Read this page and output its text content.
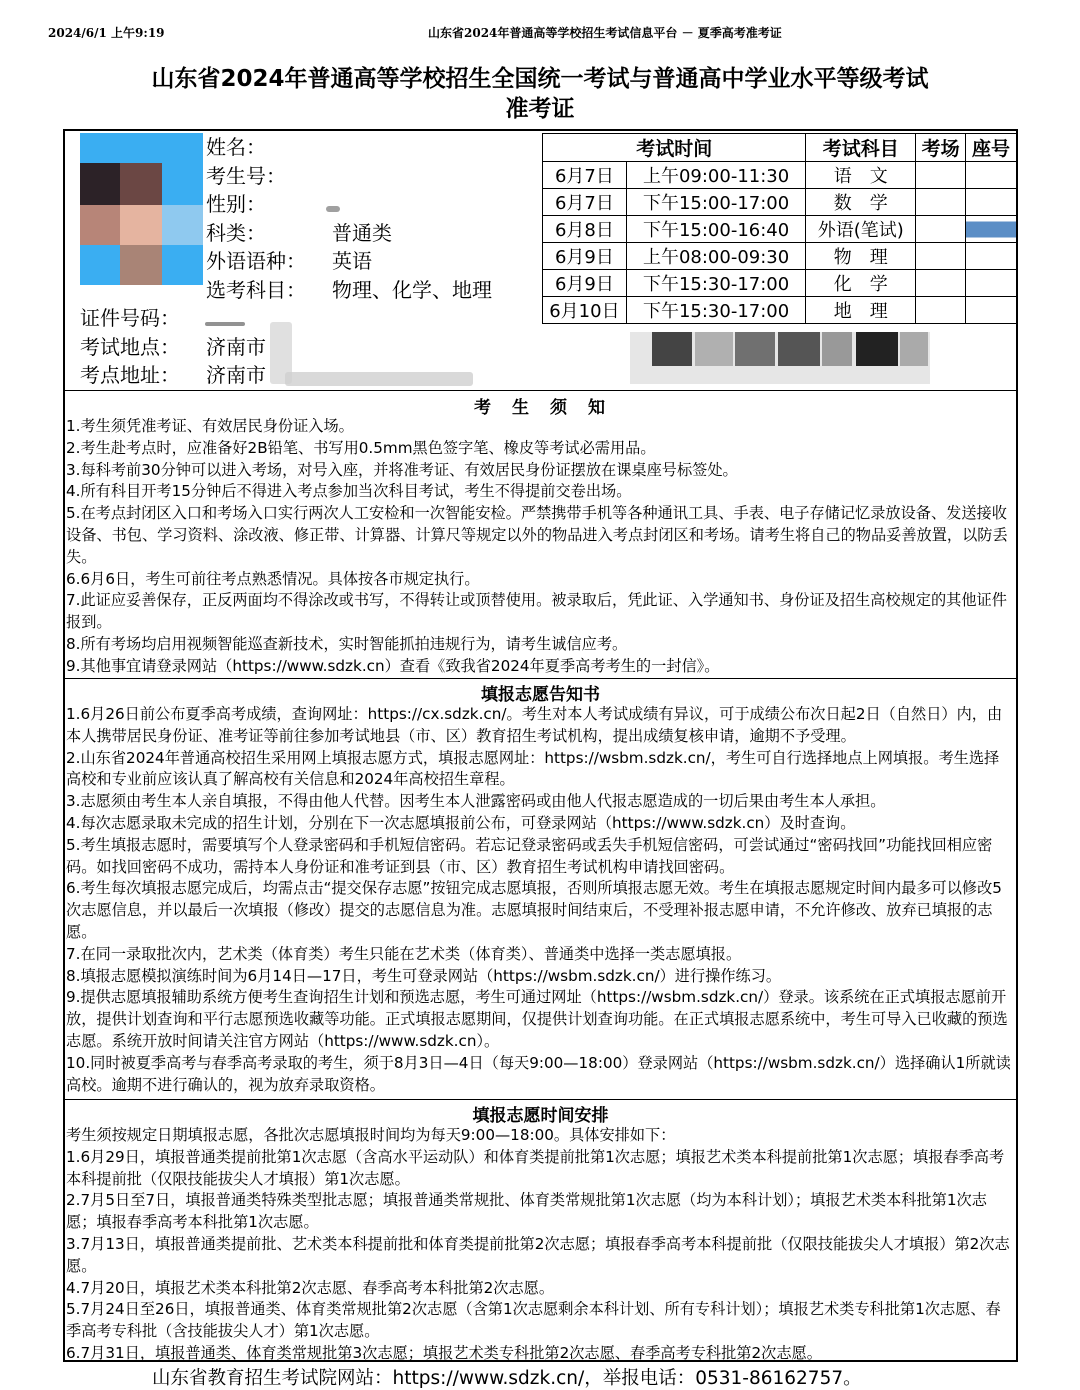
2024/6/1 上午9:19	山东省2024年普通高等学校招生考试信息平台 － 夏季高考准考证
山东省2024年普通高等学校招生全国统一考试与普通高中学业水平等级考试
准考证
姓名：
考生号：
性别：
科类：	普通类
外语语种： 英语
选考科目： 物理、化学、地理
证件号码：
考试地点： 济南市
考点地址： 济南市
考试时间		考试科目	考场	座号
6月7日	上午09:00-11:30	语　文		
6月7日	下午15:00-17:00	数　学		
6月8日	下午15:00-16:40	外语(笔试)		
6月9日	上午08:00-09:30	物　理		
6月9日	下午15:30-17:00	化　学		
6月10日	下午15:30-17:00	地　理		
考　生　须　知

1.考生须凭准考证、有效居民身份证入场。

2.考生赴考点时，应准备好2B铅笔、书写用0.5mm黑色签字笔、橡皮等考试必需用品。

3.每科考前30分钟可以进入考场，对号入座，并将准考证、有效居民身份证摆放在课桌座号标签处。

4.所有科目开考15分钟后不得进入考点参加当次科目考试，考生不得提前交卷出场。

5.在考点封闭区入口和考场入口实行两次人工安检和一次智能安检。严禁携带手机等各种通讯工具、手表、电子存储记忆录放设备、发送接收设备、书包、学习资料、涂改液、修正带、计算器、计算尺等规定以外的物品进入考点封闭区和考场。请考生将自己的物品妥善放置，以防丢失。

6.6月6日，考生可前往考点熟悉情况。具体按各市规定执行。

7.此证应妥善保存，正反两面均不得涂改或书写，不得转让或顶替使用。被录取后，凭此证、入学通知书、身份证及招生高校规定的其他证件报到。

8.所有考场均启用视频智能巡查新技术，实时智能抓拍违规行为，请考生诚信应考。

9.其他事宜请登录网站（https://www.sdzk.cn）查看《致我省2024年夏季高考考生的一封信》。

填报志愿告知书

1.6月26日前公布夏季高考成绩，查询网址：https://cx.sdzk.cn/。考生对本人考试成绩有异议，可于成绩公布次日起2日（自然日）内，由本人携带居民身份证、准考证等前往参加考试地县（市、区）教育招生考试机构，提出成绩复核申请，逾期不予受理。

2.山东省2024年普通高校招生采用网上填报志愿方式，填报志愿网址：https://wsbm.sdzk.cn/，考生可自行选择地点上网填报。考生选择高校和专业前应该认真了解高校有关信息和2024年高校招生章程。

3.志愿须由考生本人亲自填报，不得由他人代替。因考生本人泄露密码或由他人代报志愿造成的一切后果由考生本人承担。

4.每次志愿录取未完成的招生计划，分别在下一次志愿填报前公布，可登录网站（https://www.sdzk.cn）及时查询。

5.考生填报志愿时，需要填写个人登录密码和手机短信密码。若忘记登录密码或丢失手机短信密码，可尝试通过“密码找回”功能找回相应密码。如找回密码不成功，需持本人身份证和准考证到县（市、区）教育招生考试机构申请找回密码。

6.考生每次填报志愿完成后，均需点击“提交保存志愿”按钮完成志愿填报，否则所填报志愿无效。考生在填报志愿规定时间内最多可以修改5次志愿信息，并以最后一次填报（修改）提交的志愿信息为准。志愿填报时间结束后，不受理补报志愿申请，不允许修改、放弃已填报的志愿。

7.在同一录取批次内，艺术类（体育类）考生只能在艺术类（体育类）、普通类中选择一类志愿填报。

8.填报志愿模拟演练时间为6月14日—17日，考生可登录网站（https://wsbm.sdzk.cn/）进行操作练习。

9.提供志愿填报辅助系统方便考生查询招生计划和预选志愿，考生可通过网址（https://wsbm.sdzk.cn/）登录。该系统在正式填报志愿前开放，提供计划查询和平行志愿预选收藏等功能。正式填报志愿期间，仅提供计划查询功能。在正式填报志愿系统中，考生可导入已收藏的预选志愿。系统开放时间请关注官方网站（https://www.sdzk.cn）。

10.同时被夏季高考与春季高考录取的考生，须于8月3日—4日（每天9:00—18:00）登录网站（https://wsbm.sdzk.cn/）选择确认1所就读高校。逾期不进行确认的，视为放弃录取资格。

填报志愿时间安排

考生须按规定日期填报志愿，各批次志愿填报时间均为每天9:00—18:00。具体安排如下：

1.6月29日，填报普通类提前批第1次志愿（含高水平运动队）和体育类提前批第1次志愿；填报艺术类本科提前批第1次志愿；填报春季高考本科提前批（仅限技能拔尖人才填报）第1次志愿。

2.7月5日至7日，填报普通类特殊类型批志愿；填报普通类常规批、体育类常规批第1次志愿（均为本科计划）；填报艺术类本科批第1次志愿；填报春季高考本科批第1次志愿。

3.7月13日，填报普通类提前批、艺术类本科提前批和体育类提前批第2次志愿；填报春季高考本科提前批（仅限技能拔尖人才填报）第2次志愿。

4.7月20日，填报艺术类本科批第2次志愿、春季高考本科批第2次志愿。

5.7月24日至26日，填报普通类、体育类常规批第2次志愿（含第1次志愿剩余本科计划、所有专科计划）；填报艺术类专科批第1次志愿、春季高考专科批（含技能拔尖人才）第1次志愿。

6.7月31日，填报普通类、体育类常规批第3次志愿；填报艺术类专科批第2次志愿、春季高考专科批第2次志愿。

山东省教育招生考试院网站：https://www.sdzk.cn/，举报电话：0531-86162757。
